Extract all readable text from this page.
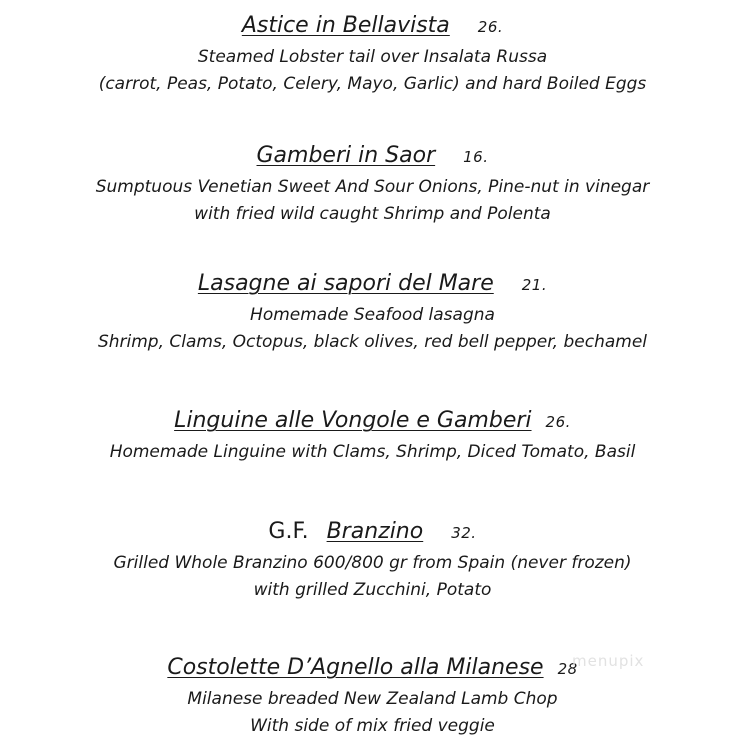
Astice in Bellavista 26.
Steamed Lobster tail over Insalata Russa
(carrot, Peas, Potato, Celery, Mayo, Garlic) and hard Boiled Eggs
Gamberi in Saor 16.
Sumptuous Venetian Sweet And Sour Onions, Pine-nut in vinegar
with fried wild caught Shrimp and Polenta
Lasagne ai sapori del Mare 21.
Homemade Seafood lasagna
Shrimp, Clams, Octopus, black olives, red bell pepper, bechamel
Linguine alle Vongole e Gamberi 26.
Homemade Linguine with Clams, Shrimp, Diced Tomato, Basil
G.F. Branzino 32.
Grilled Whole Branzino 600/800 gr from Spain (never frozen)
with grilled Zucchini, Potato
Costolette D’Agnello alla Milanese 28
Milanese breaded New Zealand Lamb Chop
With side of mix fried veggie
menupix
